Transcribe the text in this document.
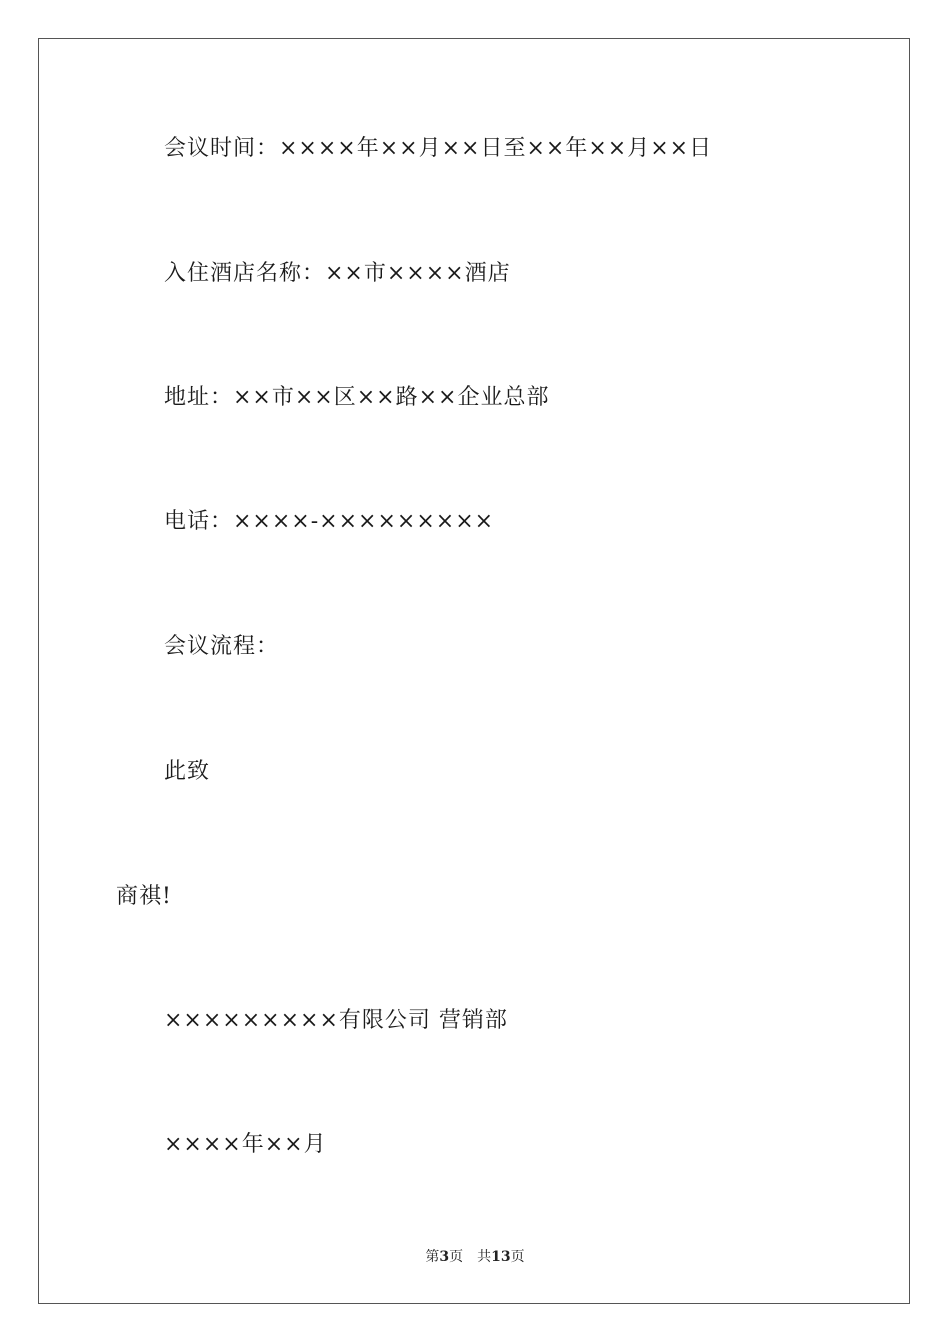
会议时间：××××年××月××日至××年××月××日
入住酒店名称：××市××××酒店
地址：××市××区××路××企业总部
电话：××××-×××××××××
会议流程：
此致
商祺!
×××××××××有限公司 营销部
××××年××月
第3页 共13页
